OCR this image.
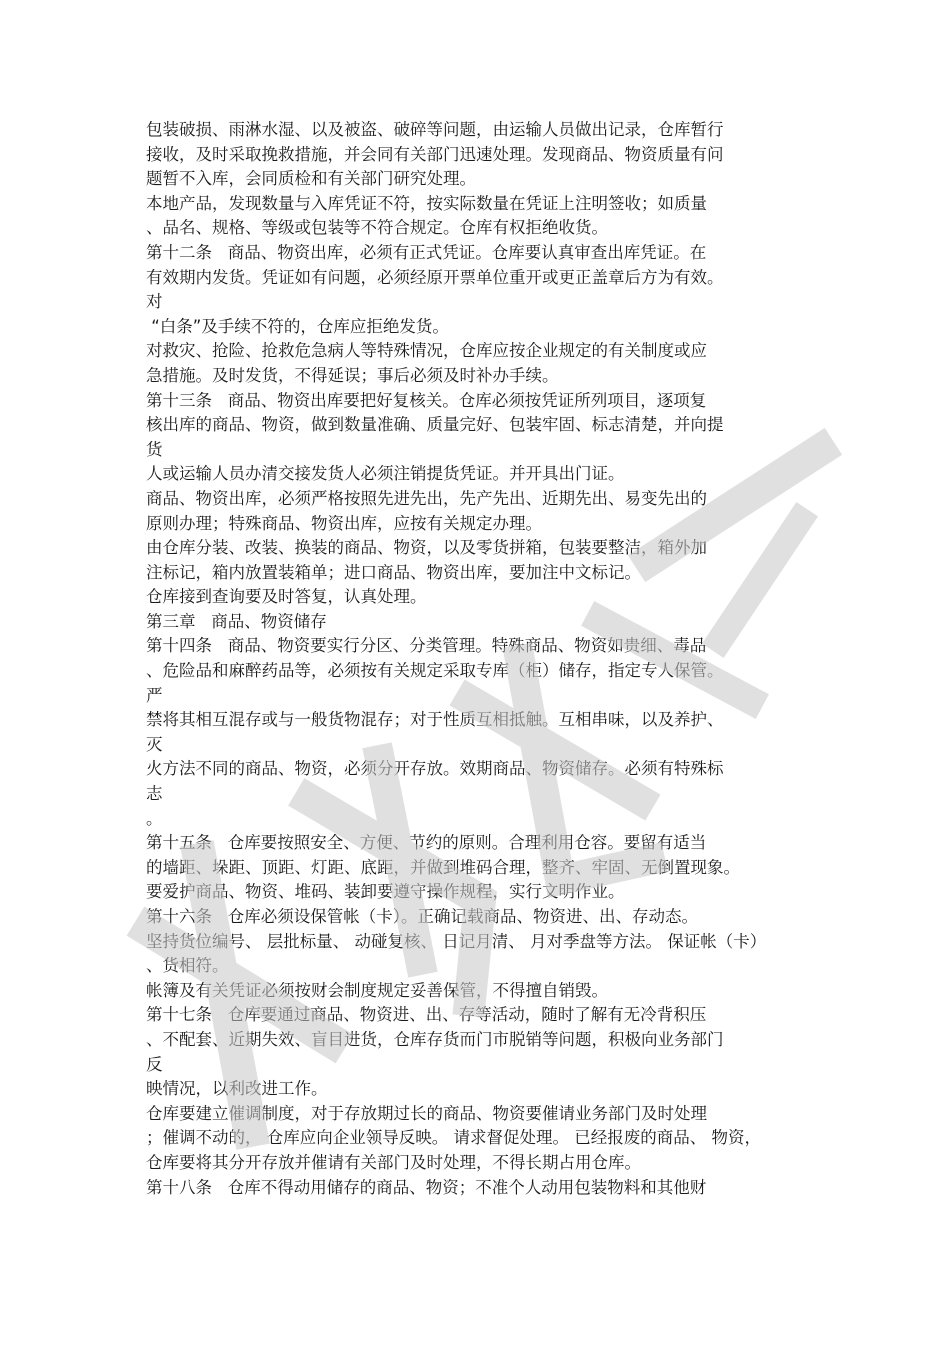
包装破损、雨淋水湿、以及被盗、破碎等问题，由运输人员做出记录，仓库暂行
接收，及时采取挽救措施，并会同有关部门迅速处理。发现商品、物资质量有问
题暂不入库，会同质检和有关部门研究处理。
本地产品，发现数量与入库凭证不符，按实际数量在凭证上注明签收；如质量
、品名、规格、等级或包装等不符合规定。仓库有权拒绝收货。
第十二条   商品、物资出库，必须有正式凭证。仓库要认真审查出库凭证。在
有效期内发货。凭证如有问题，必须经原开票单位重开或更正盖章后方为有效。
对
“白条”及手续不符的，仓库应拒绝发货。
对救灾、抢险、抢救危急病人等特殊情况，仓库应按企业规定的有关制度或应
急措施。及时发货，不得延误；事后必须及时补办手续。
第十三条   商品、物资出库要把好复核关。仓库必须按凭证所列项目，逐项复
核出库的商品、物资，做到数量准确、质量完好、包装牢固、标志清楚，并向提
货
人或运输人员办清交接发货人必须注销提货凭证。并开具出门证。
商品、物资出库，必须严格按照先进先出，先产先出、近期先出、易变先出的
原则办理；特殊商品、物资出库，应按有关规定办理。
由仓库分装、改装、换装的商品、物资，以及零货拼箱，包装要整洁，箱外加
注标记，箱内放置装箱单；进口商品、物资出库，要加注中文标记。
仓库接到查询要及时答复，认真处理。
第三章   商品、物资储存
第十四条   商品、物资要实行分区、分类管理。特殊商品、物资如贵细、毒品
、危险品和麻醉药品等，必须按有关规定采取专库（柜）储存，指定专人保管。
严
禁将其相互混存或与一般货物混存；对于性质互相抵触。互相串味，以及养护、
灭
火方法不同的商品、物资，必须分开存放。效期商品、物资储存。必须有特殊标
志
。
第十五条   仓库要按照安全、方便、节约的原则。合理利用仓容。要留有适当
的墙距、垛距、顶距、灯距、底距，并做到堆码合理，整齐、牢固、无倒置现象。
要爱护商品、物资、堆码、装卸要遵守操作规程，实行文明作业。
第十六条   仓库必须设保管帐（卡）。正确记载商品、物资进、出、存动态。
坚持货位编号、 层批标量、 动碰复核、 日记月清、 月对季盘等方法。 保证帐（卡）
、货相符。
帐簿及有关凭证必须按财会制度规定妥善保管，不得擅自销毁。
第十七条   仓库要通过商品、物资进、出、存等活动，随时了解有无冷背积压
、不配套、近期失效、盲目进货，仓库存货而门市脱销等问题，积极向业务部门
反
映情况，以利改进工作。
仓库要建立催调制度，对于存放期过长的商品、物资要催请业务部门及时处理
；催调不动的， 仓库应向企业领导反映。 请求督促处理。 已经报废的商品、 物资，
仓库要将其分开存放并催请有关部门及时处理，不得长期占用仓库。
第十八条   仓库不得动用储存的商品、物资；不准个人动用包装物料和其他财
